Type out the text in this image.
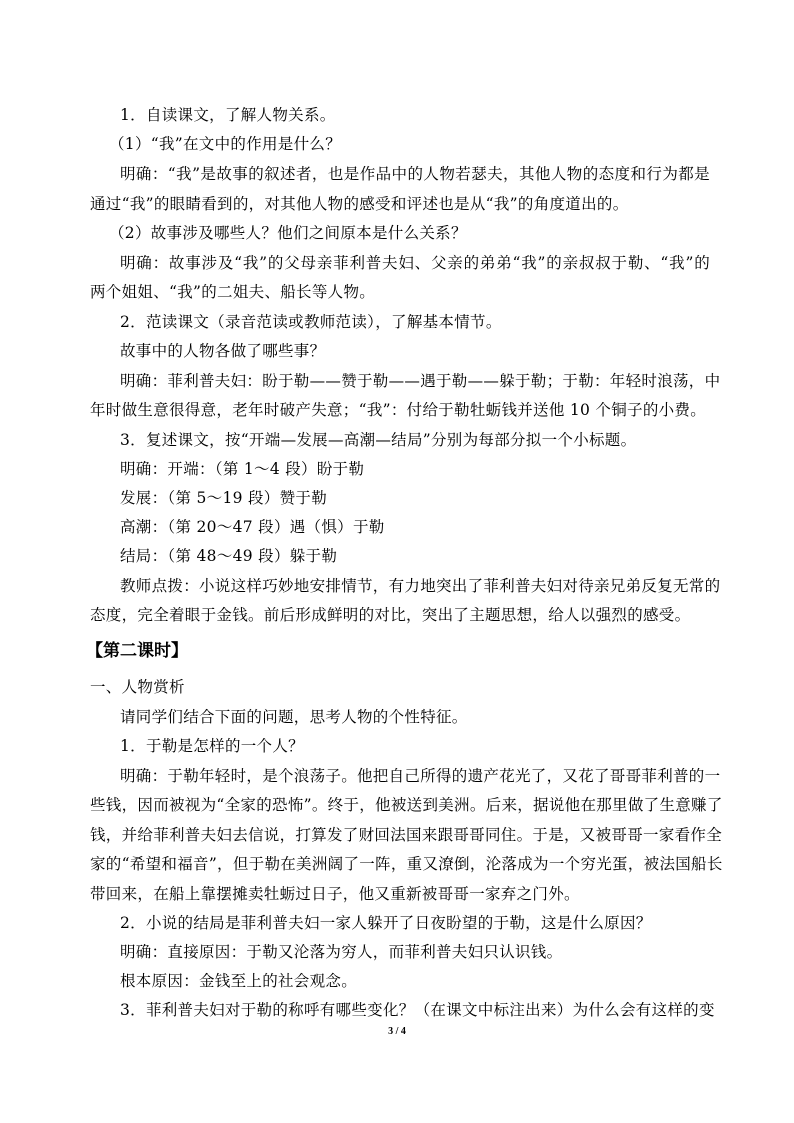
1．自读课文，了解人物关系。
（1）“我”在文中的作用是什么？
明确：“我”是故事的叙述者，也是作品中的人物若瑟夫，其他人物的态度和行为都是
通过“我”的眼睛看到的，对其他人物的感受和评述也是从“我”的角度道出的。
（2）故事涉及哪些人？他们之间原本是什么关系？
明确：故事涉及“我”的父母亲菲利普夫妇、父亲的弟弟“我”的亲叔叔于勒、“我”的
两个姐姐、“我”的二姐夫、船长等人物。
2．范读课文（录音范读或教师范读），了解基本情节。
故事中的人物各做了哪些事？
明确：菲利普夫妇：盼于勒——赞于勒——遇于勒——躲于勒；于勒：年轻时浪荡，中
年时做生意很得意，老年时破产失意；“我”：付给于勒牡蛎钱并送他 10 个铜子的小费。
3．复述课文，按“开端—发展—高潮—结局”分别为每部分拟一个小标题。
明确：开端：（第 1～4 段）盼于勒
发展：（第 5～19 段）赞于勒
高潮：（第 20～47 段）遇（惧）于勒
结局：（第 48～49 段）躲于勒
教师点拨：小说这样巧妙地安排情节，有力地突出了菲利普夫妇对待亲兄弟反复无常的
态度，完全着眼于金钱。前后形成鲜明的对比，突出了主题思想，给人以强烈的感受。
【第二课时】
一、人物赏析
请同学们结合下面的问题，思考人物的个性特征。
1．于勒是怎样的一个人？
明确：于勒年轻时，是个浪荡子。他把自己所得的遗产花光了，又花了哥哥菲利普的一
些钱，因而被视为“全家的恐怖”。终于，他被送到美洲。后来，据说他在那里做了生意赚了
钱，并给菲利普夫妇去信说，打算发了财回法国来跟哥哥同住。于是，又被哥哥一家看作全
家的“希望和福音”，但于勒在美洲阔了一阵，重又潦倒，沦落成为一个穷光蛋，被法国船长
带回来，在船上靠摆摊卖牡蛎过日子，他又重新被哥哥一家弃之门外。
2．小说的结局是菲利普夫妇一家人躲开了日夜盼望的于勒，这是什么原因？
明确：直接原因：于勒又沦落为穷人，而菲利普夫妇只认识钱。
根本原因：金钱至上的社会观念。
3．菲利普夫妇对于勒的称呼有哪些变化？（在课文中标注出来）为什么会有这样的变
3 / 4
